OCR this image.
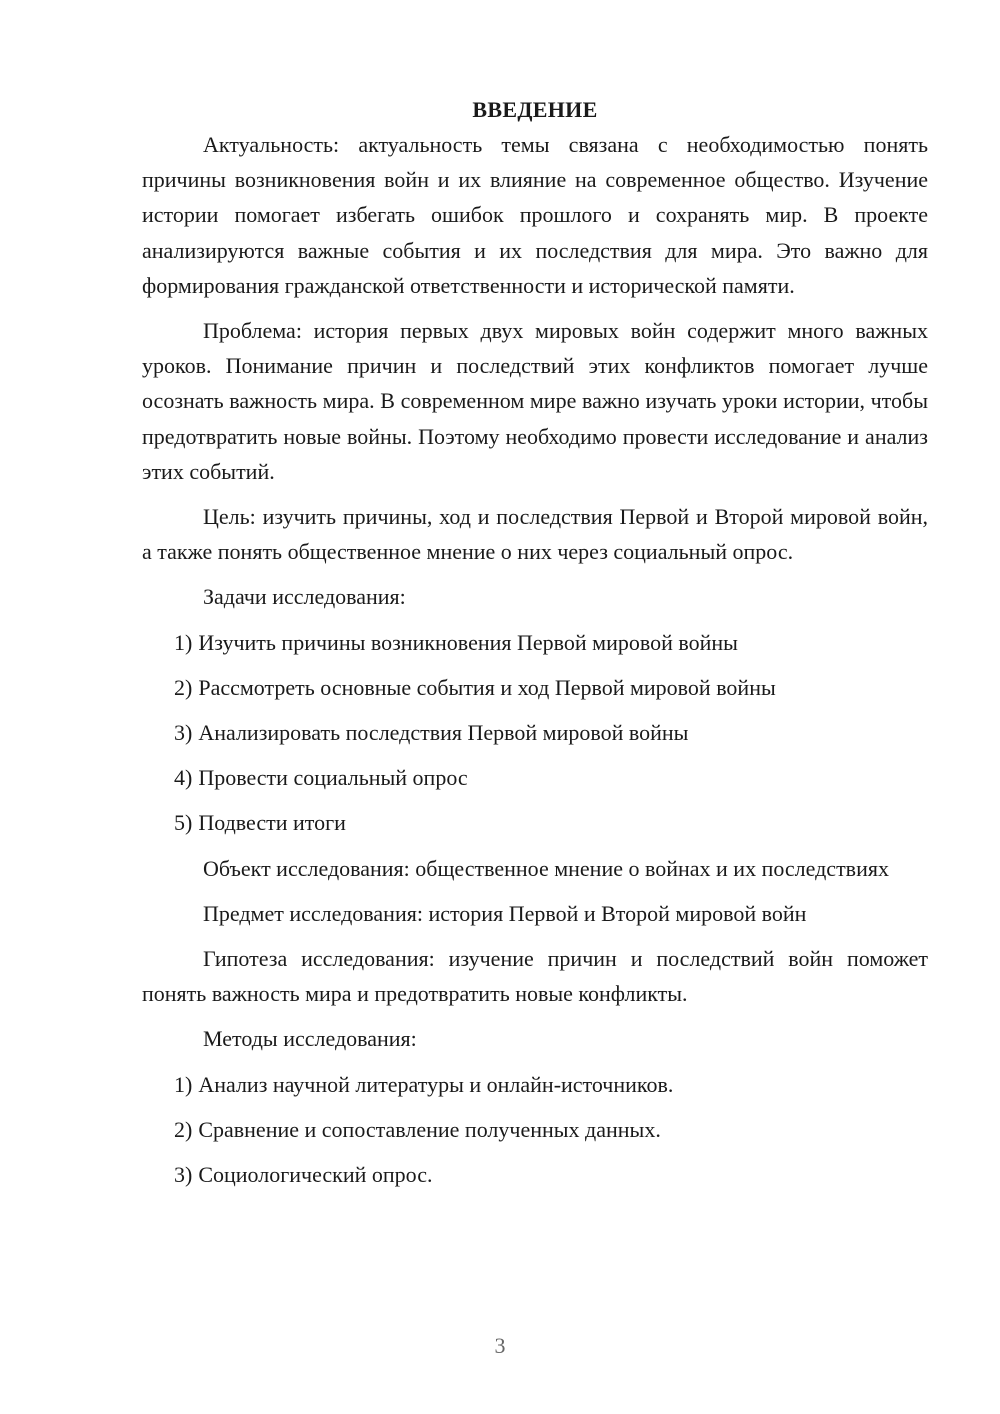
ВВЕДЕНИЕ

Актуальность: актуальность темы связана с необходимостью понять причины возникновения войн и их влияние на современное общество. Изучение истории помогает избегать ошибок прошлого и сохранять мир. В проекте анализируются важные события и их последствия для мира. Это важно для формирования гражданской ответственности и исторической памяти.

Проблема: история первых двух мировых войн содержит много важных уроков. Понимание причин и последствий этих конфликтов помогает лучше осознать важность мира. В современном мире важно изучать уроки истории, чтобы предотвратить новые войны. Поэтому необходимо провести исследование и анализ этих событий.

Цель: изучить причины, ход и последствия Первой и Второй мировой войн, а также понять общественное мнение о них через социальный опрос.

Задачи исследования:
1) Изучить причины возникновения Первой мировой войны
2) Рассмотреть основные события и ход Первой мировой войны
3) Анализировать последствия Первой мировой войны
4) Провести социальный опрос
5) Подвести итоги

Объект исследования: общественное мнение о войнах и их последствиях

Предмет исследования: история Первой и Второй мировой войн

Гипотеза исследования: изучение причин и последствий войн поможет понять важность мира и предотвратить новые конфликты.

Методы исследования:
1) Анализ научной литературы и онлайн-источников.
2) Сравнение и сопоставление полученных данных.
3) Социологический опрос.
3
